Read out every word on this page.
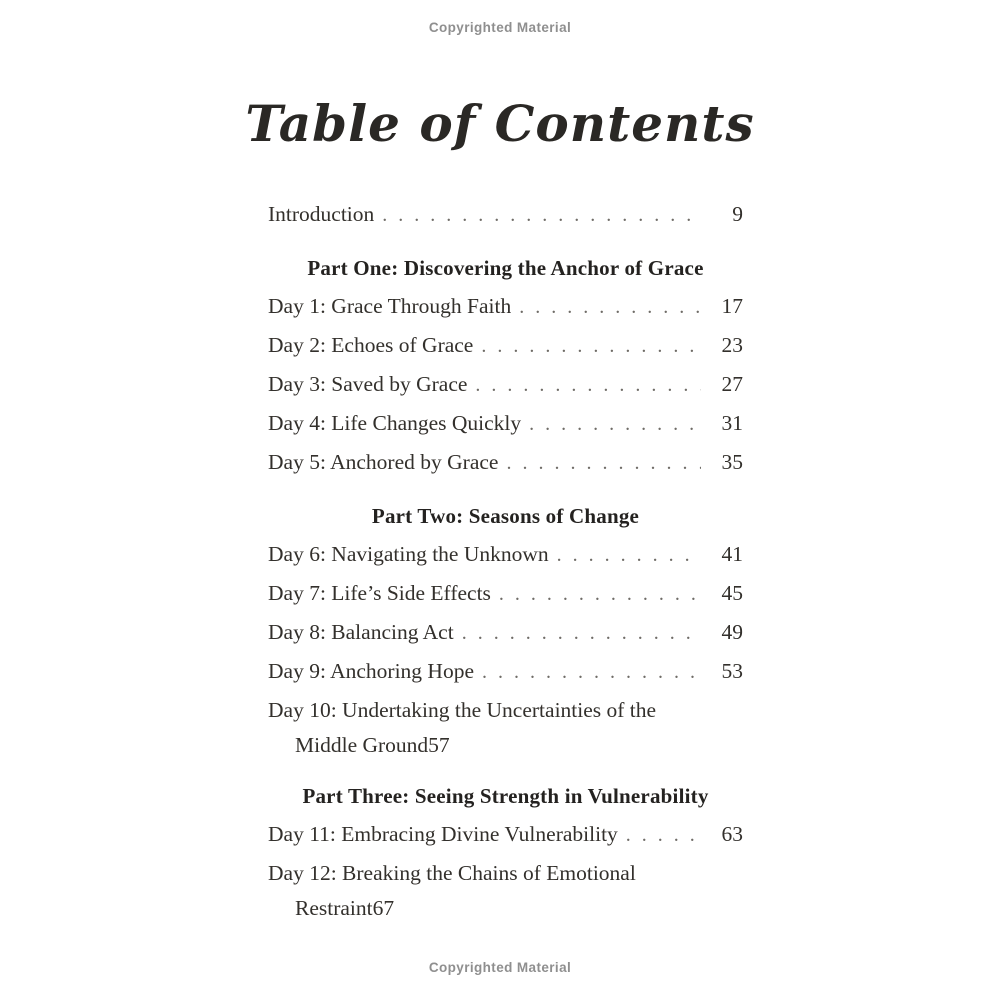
Copyrighted Material
Table of Contents
Introduction . . .	9
Part One: Discovering the Anchor of Grace
Day 1: Grace Through Faith . . .	17
Day 2: Echoes of Grace . . .	23
Day 3: Saved by Grace . . .	27
Day 4: Life Changes Quickly . . .	31
Day 5: Anchored by Grace . . .	35
Part Two: Seasons of Change
Day 6: Navigating the Unknown . . .	41
Day 7: Life’s Side Effects . . .	45
Day 8: Balancing Act . . .	49
Day 9: Anchoring Hope . . .	53
Day 10: Undertaking the Uncertainties of the
Middle Ground 57
Part Three: Seeing Strength in Vulnerability
Day 11: Embracing Divine Vulnerability . . .	63
Day 12: Breaking the Chains of Emotional
Restraint 67
Copyrighted Material
